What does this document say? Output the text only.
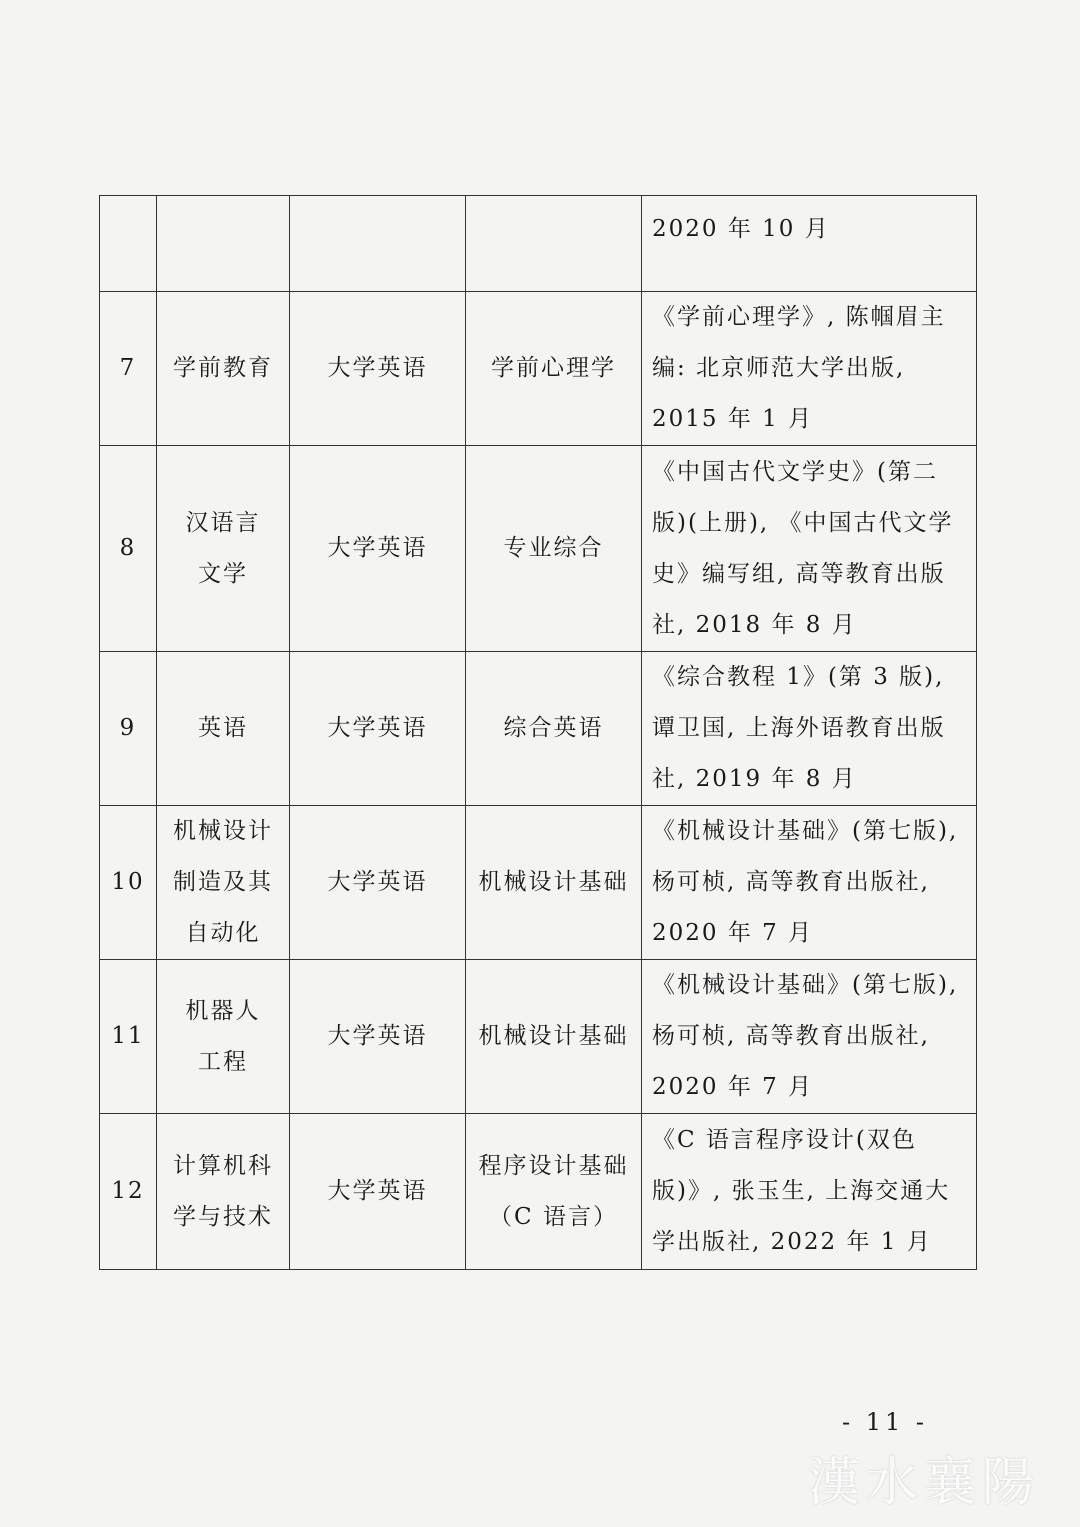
				2020 年 10 月
7	学前教育	大学英语	学前心理学	《学前心理学》, 陈帼眉主编: 北京师范大学出版, 2015 年 1 月
8	汉语言文学	大学英语	专业综合	《中国古代文学史》(第二版)(上册), 《中国古代文学史》编写组, 高等教育出版社, 2018 年 8 月
9	英语	大学英语	综合英语	《综合教程 1》(第 3 版), 谭卫国, 上海外语教育出版社, 2019 年 8 月
10	机械设计制造及其自动化	大学英语	机械设计基础	《机械设计基础》(第七版), 杨可桢, 高等教育出版社, 2020 年 7 月
11	机器人工程	大学英语	机械设计基础	《机械设计基础》(第七版), 杨可桢, 高等教育出版社, 2020 年 7 月
12	计算机科学与技术	大学英语	程序设计基础（C 语言）	《C 语言程序设计(双色版)》, 张玉生, 上海交通大学出版社, 2022 年 1 月
- 11 -
漢水襄陽
